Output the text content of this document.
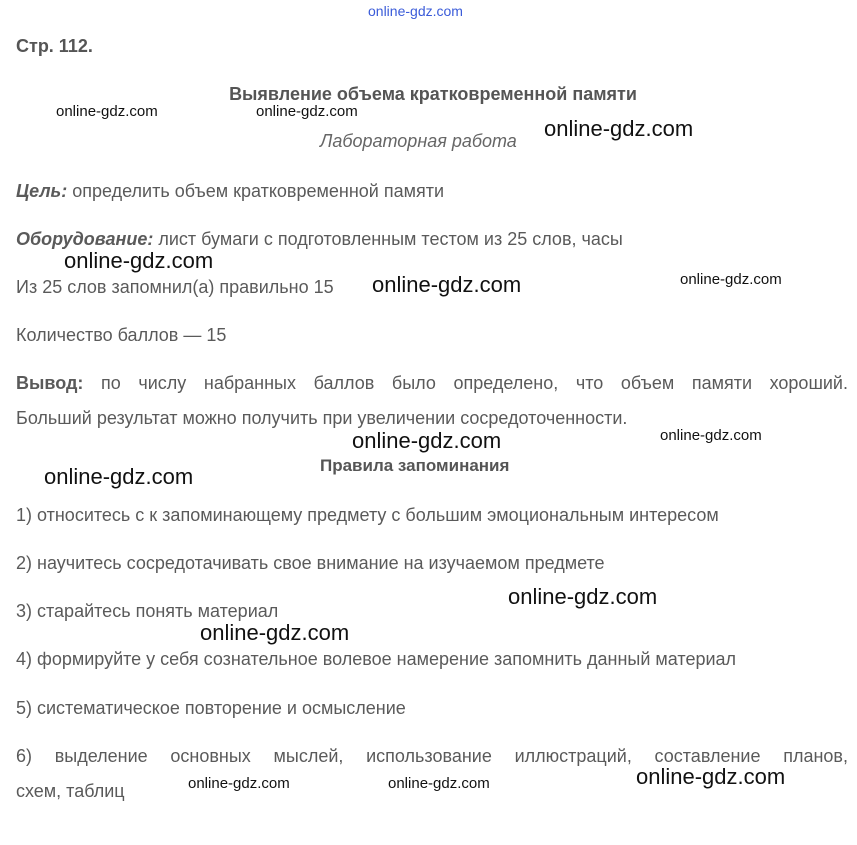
online-gdz.com
Стр. 112.
Выявление объема кратковременной памяти
Лабораторная работа
Цель: определить объем кратковременной памяти
Оборудование: лист бумаги с подготовленным тестом из 25 слов, часы
Из 25 слов запомнил(а) правильно 15
Количество баллов — 15
Вывод: по числу набранных баллов было определено, что объем памяти хороший.
Больший результат можно получить при увеличении сосредоточенности.
Правила запоминания
1) относитесь с к запоминающему предмету с большим эмоциональным интересом
2) научитесь сосредотачивать свое внимание на изучаемом предмете
3) старайтесь понять материал
4) формируйте у себя сознательное волевое намерение запомнить данный материал
5) систематическое повторение и осмысление
6) выделение основных мыслей, использование иллюстраций, составление планов,
схем, таблиц
online-gdz.com	online-gdz.com
online-gdz.com
online-gdz.com
online-gdz.com
online-gdz.com
online-gdz.com	online-gdz.com
online-gdz.com
online-gdz.com
online-gdz.com
online-gdz.com
online-gdz.com	online-gdz.com
